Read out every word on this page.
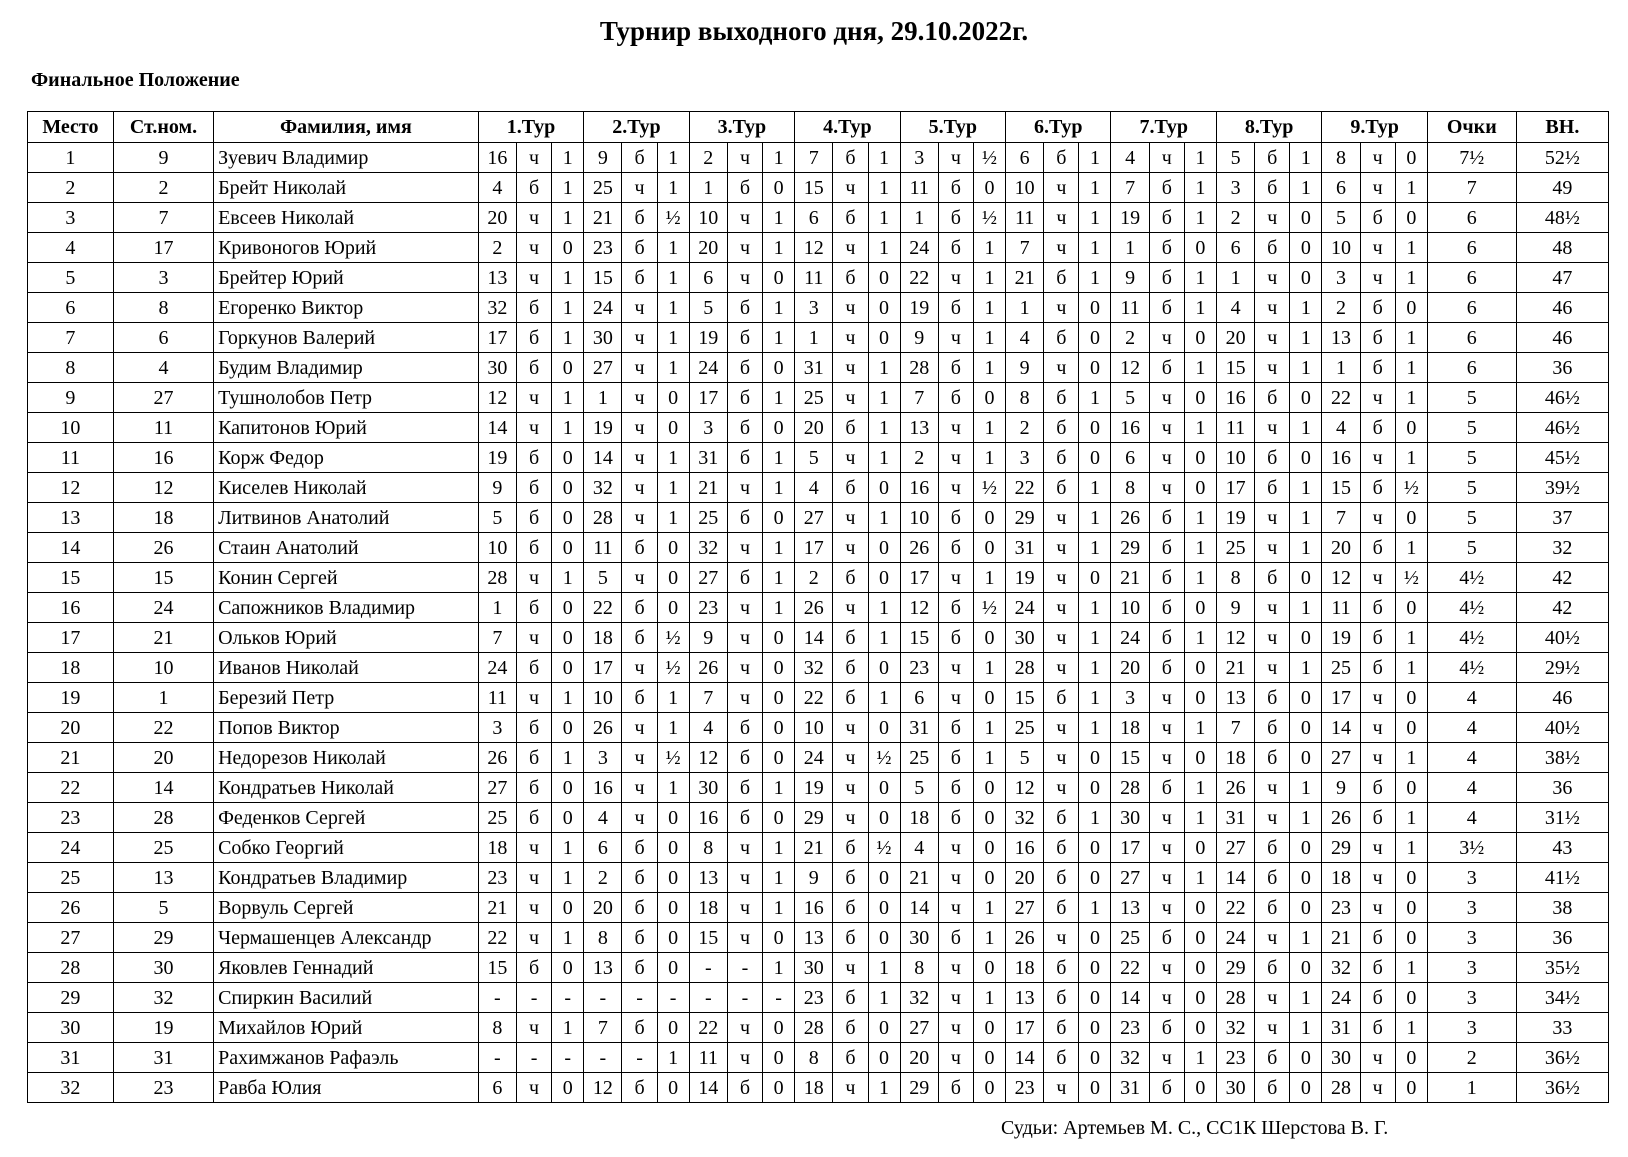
Турнир выходного дня, 29.10.2022г.
Финальное Положение
Место	Ст.ном.	Фамилия, имя	1.Тур			2.Тур			3.Тур			4.Тур			5.Тур			6.Тур			7.Тур			8.Тур			9.Тур			Очки	ВН.
1	9	Зуевич Владимир	16	ч	1	9	б	1	2	ч	1	7	б	1	3	ч	½	6	б	1	4	ч	1	5	б	1	8	ч	0	7½	52½
2	2	Брейт Николай	4	б	1	25	ч	1	1	б	0	15	ч	1	11	б	0	10	ч	1	7	б	1	3	б	1	6	ч	1	7	49
3	7	Евсеев Николай	20	ч	1	21	б	½	10	ч	1	6	б	1	1	б	½	11	ч	1	19	б	1	2	ч	0	5	б	0	6	48½
4	17	Кривоногов Юрий	2	ч	0	23	б	1	20	ч	1	12	ч	1	24	б	1	7	ч	1	1	б	0	6	б	0	10	ч	1	6	48
5	3	Брейтер Юрий	13	ч	1	15	б	1	6	ч	0	11	б	0	22	ч	1	21	б	1	9	б	1	1	ч	0	3	ч	1	6	47
6	8	Егоренко Виктор	32	б	1	24	ч	1	5	б	1	3	ч	0	19	б	1	1	ч	0	11	б	1	4	ч	1	2	б	0	6	46
7	6	Горкунов Валерий	17	б	1	30	ч	1	19	б	1	1	ч	0	9	ч	1	4	б	0	2	ч	0	20	ч	1	13	б	1	6	46
8	4	Будим Владимир	30	б	0	27	ч	1	24	б	0	31	ч	1	28	б	1	9	ч	0	12	б	1	15	ч	1	1	б	1	6	36
9	27	Тушнолобов Петр	12	ч	1	1	ч	0	17	б	1	25	ч	1	7	б	0	8	б	1	5	ч	0	16	б	0	22	ч	1	5	46½
10	11	Капитонов Юрий	14	ч	1	19	ч	0	3	б	0	20	б	1	13	ч	1	2	б	0	16	ч	1	11	ч	1	4	б	0	5	46½
11	16	Корж Федор	19	б	0	14	ч	1	31	б	1	5	ч	1	2	ч	1	3	б	0	6	ч	0	10	б	0	16	ч	1	5	45½
12	12	Киселев Николай	9	б	0	32	ч	1	21	ч	1	4	б	0	16	ч	½	22	б	1	8	ч	0	17	б	1	15	б	½	5	39½
13	18	Литвинов Анатолий	5	б	0	28	ч	1	25	б	0	27	ч	1	10	б	0	29	ч	1	26	б	1	19	ч	1	7	ч	0	5	37
14	26	Стаин Анатолий	10	б	0	11	б	0	32	ч	1	17	ч	0	26	б	0	31	ч	1	29	б	1	25	ч	1	20	б	1	5	32
15	15	Конин Сергей	28	ч	1	5	ч	0	27	б	1	2	б	0	17	ч	1	19	ч	0	21	б	1	8	б	0	12	ч	½	4½	42
16	24	Сапожников Владимир	1	б	0	22	б	0	23	ч	1	26	ч	1	12	б	½	24	ч	1	10	б	0	9	ч	1	11	б	0	4½	42
17	21	Ольков Юрий	7	ч	0	18	б	½	9	ч	0	14	б	1	15	б	0	30	ч	1	24	б	1	12	ч	0	19	б	1	4½	40½
18	10	Иванов Николай	24	б	0	17	ч	½	26	ч	0	32	б	0	23	ч	1	28	ч	1	20	б	0	21	ч	1	25	б	1	4½	29½
19	1	Березий Петр	11	ч	1	10	б	1	7	ч	0	22	б	1	6	ч	0	15	б	1	3	ч	0	13	б	0	17	ч	0	4	46
20	22	Попов Виктор	3	б	0	26	ч	1	4	б	0	10	ч	0	31	б	1	25	ч	1	18	ч	1	7	б	0	14	ч	0	4	40½
21	20	Недорезов Николай	26	б	1	3	ч	½	12	б	0	24	ч	½	25	б	1	5	ч	0	15	ч	0	18	б	0	27	ч	1	4	38½
22	14	Кондратьев Николай	27	б	0	16	ч	1	30	б	1	19	ч	0	5	б	0	12	ч	0	28	б	1	26	ч	1	9	б	0	4	36
23	28	Феденков Сергей	25	б	0	4	ч	0	16	б	0	29	ч	0	18	б	0	32	б	1	30	ч	1	31	ч	1	26	б	1	4	31½
24	25	Собко Георгий	18	ч	1	6	б	0	8	ч	1	21	б	½	4	ч	0	16	б	0	17	ч	0	27	б	0	29	ч	1	3½	43
25	13	Кондратьев Владимир	23	ч	1	2	б	0	13	ч	1	9	б	0	21	ч	0	20	б	0	27	ч	1	14	б	0	18	ч	0	3	41½
26	5	Ворвуль Сергей	21	ч	0	20	б	0	18	ч	1	16	б	0	14	ч	1	27	б	1	13	ч	0	22	б	0	23	ч	0	3	38
27	29	Чермашенцев Александр	22	ч	1	8	б	0	15	ч	0	13	б	0	30	б	1	26	ч	0	25	б	0	24	ч	1	21	б	0	3	36
28	30	Яковлев Геннадий	15	б	0	13	б	0	-	-	1	30	ч	1	8	ч	0	18	б	0	22	ч	0	29	б	0	32	б	1	3	35½
29	32	Спиркин Василий	-	-	-	-	-	-	-	-	-	23	б	1	32	ч	1	13	б	0	14	ч	0	28	ч	1	24	б	0	3	34½
30	19	Михайлов Юрий	8	ч	1	7	б	0	22	ч	0	28	б	0	27	ч	0	17	б	0	23	б	0	32	ч	1	31	б	1	3	33
31	31	Рахимжанов Рафаэль	-	-	-	-	-	1	11	ч	0	8	б	0	20	ч	0	14	б	0	32	ч	1	23	б	0	30	ч	0	2	36½
32	23	Равба Юлия	6	ч	0	12	б	0	14	б	0	18	ч	1	29	б	0	23	ч	0	31	б	0	30	б	0	28	ч	0	1	36½
Судьи: Артемьев М. С., СС1К Шерстова В. Г.
